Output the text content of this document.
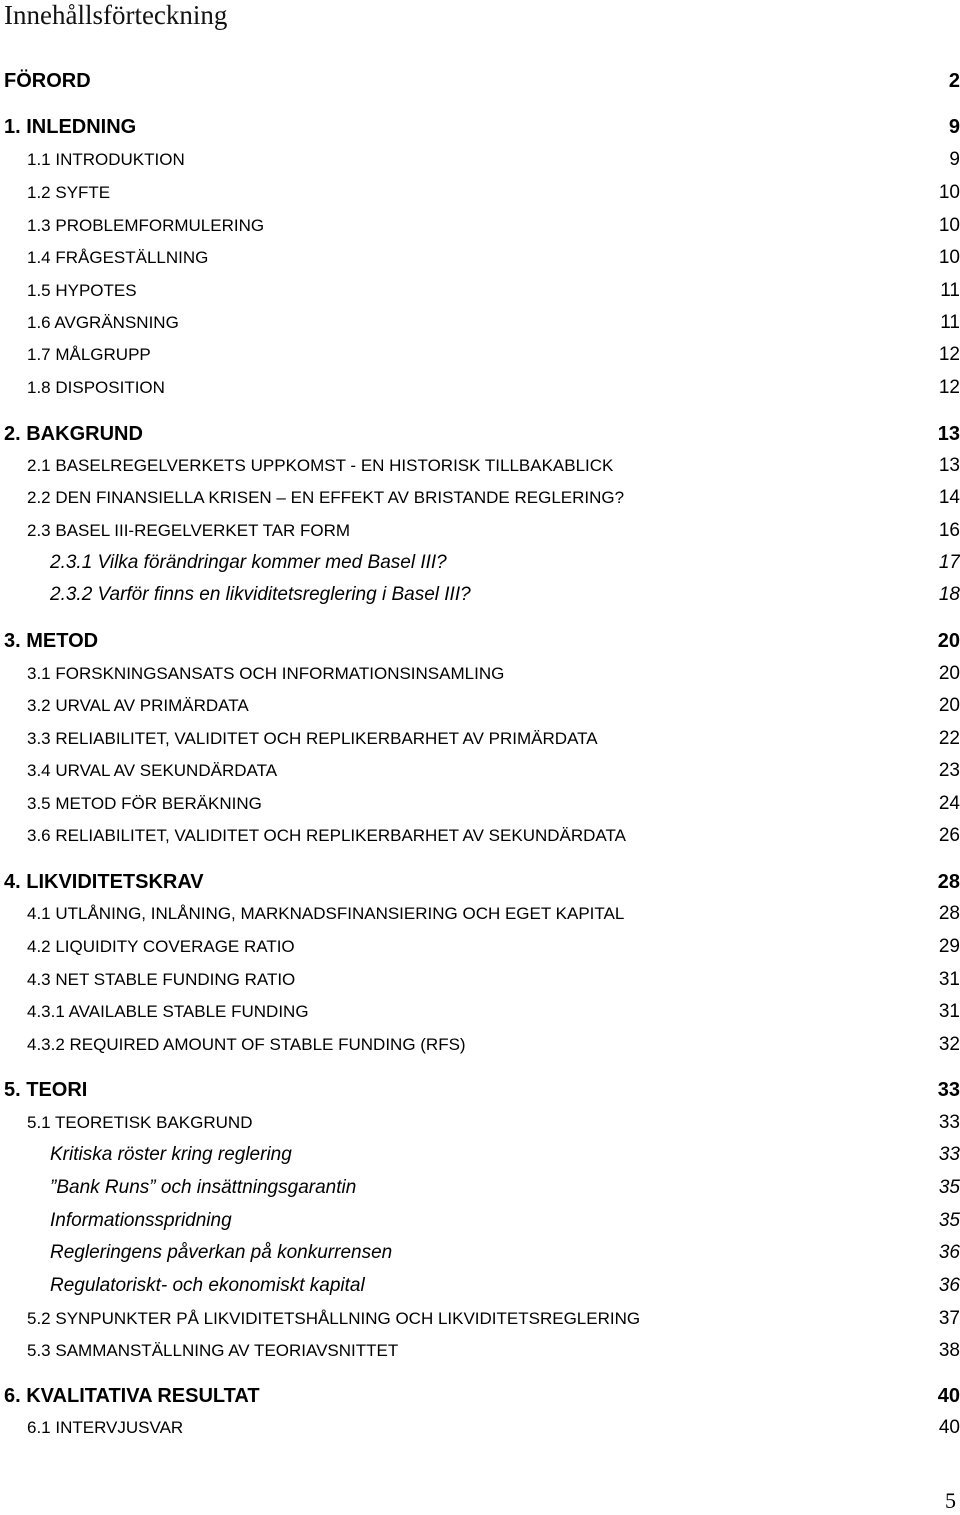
Innehållsförteckning
FÖRORD	2
1. INLEDNING	9
1.1 INTRODUKTION	9
1.2 SYFTE	10
1.3 PROBLEMFORMULERING	10
1.4 FRÅGESTÄLLNING	10
1.5 HYPOTES	11
1.6 AVGRÄNSNING	11
1.7 MÅLGRUPP	12
1.8 DISPOSITION	12
2. BAKGRUND	13
2.1 BASELREGELVERKETS UPPKOMST - EN HISTORISK TILLBAKABLICK	13
2.2 DEN FINANSIELLA KRISEN – EN EFFEKT AV BRISTANDE REGLERING?	14
2.3 BASEL III-REGELVERKET TAR FORM	16
2.3.1 Vilka förändringar kommer med Basel III?	17
2.3.2 Varför finns en likviditetsreglering i Basel III?	18
3. METOD	20
3.1 FORSKNINGSANSATS OCH INFORMATIONSINSAMLING	20
3.2 URVAL AV PRIMÄRDATA	20
3.3 RELIABILITET, VALIDITET OCH REPLIKERBARHET AV PRIMÄRDATA	22
3.4 URVAL AV SEKUNDÄRDATA	23
3.5 METOD FÖR BERÄKNING	24
3.6 RELIABILITET, VALIDITET OCH REPLIKERBARHET AV SEKUNDÄRDATA	26
4. LIKVIDITETSKRAV	28
4.1 UTLÅNING, INLÅNING, MARKNADSFINANSIERING OCH EGET KAPITAL	28
4.2 LIQUIDITY COVERAGE RATIO	29
4.3 NET STABLE FUNDING RATIO	31
4.3.1 AVAILABLE STABLE FUNDING	31
4.3.2 REQUIRED AMOUNT OF STABLE FUNDING (RFS)	32
5. TEORI	33
5.1 TEORETISK BAKGRUND	33
Kritiska röster kring reglering	33
”Bank Runs” och insättningsgarantin	35
Informationsspridning	35
Regleringens påverkan på konkurrensen	36
Regulatoriskt- och ekonomiskt kapital	36
5.2 SYNPUNKTER PÅ LIKVIDITETSHÅLLNING OCH LIKVIDITETSREGLERING	37
5.3 SAMMANSTÄLLNING AV TEORIAVSNITTET	38
6. KVALITATIVA RESULTAT	40
6.1 INTERVJUSVAR	40
5
